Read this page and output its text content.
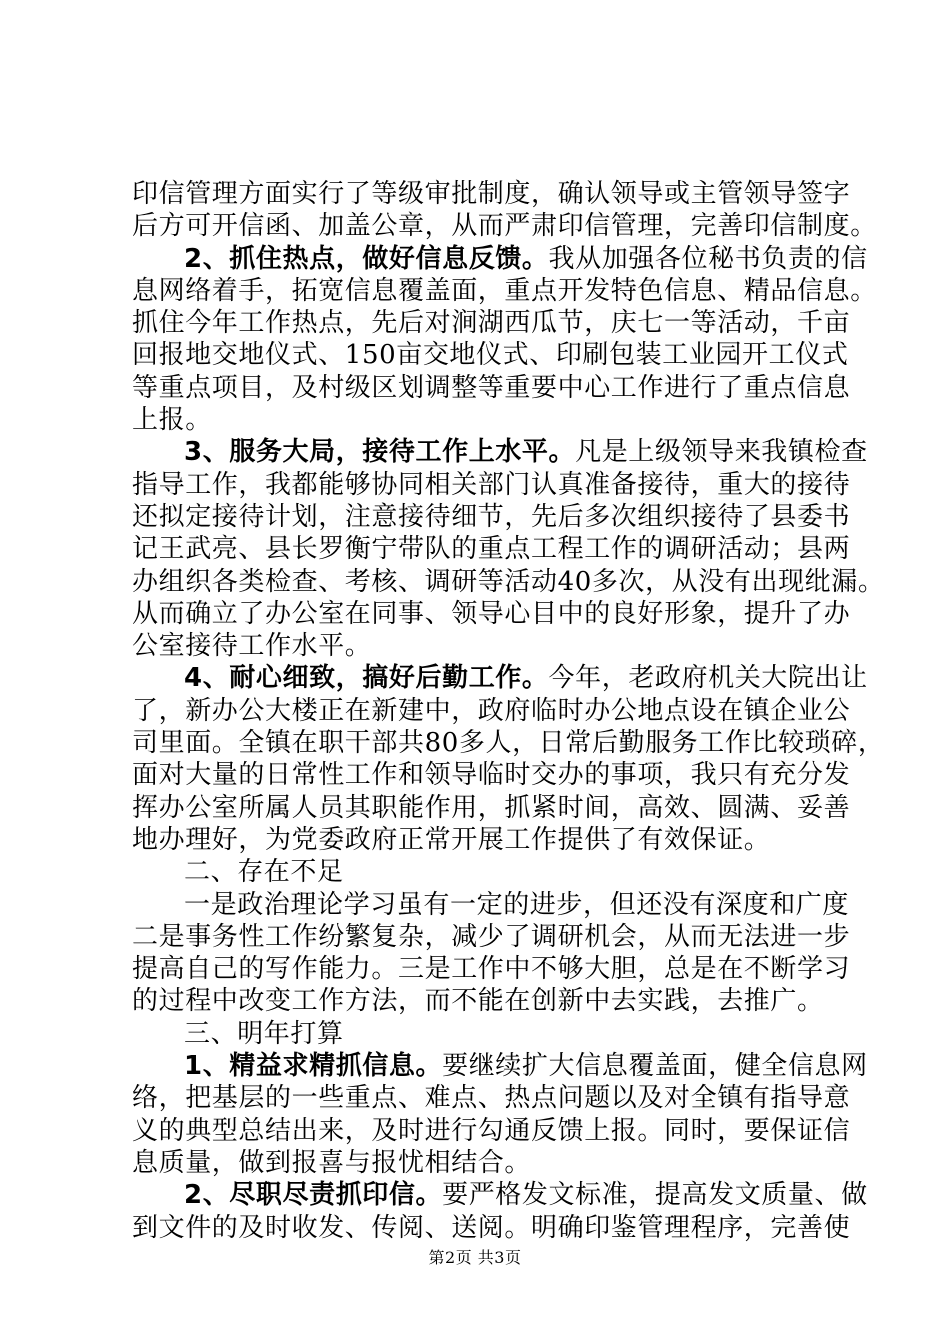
印信管理方面实行了等级审批制度，确认领导或主管领导签字
后方可开信函、加盖公章，从而严肃印信管理，完善印信制度。
2、抓住热点，做好信息反馈。我从加强各位秘书负责的信
息网络着手，拓宽信息覆盖面，重点开发特色信息、精品信息。
抓住今年工作热点，先后对涧湖西瓜节，庆七一等活动，千亩
回报地交地仪式、150亩交地仪式、印刷包装工业园开工仪式
等重点项目，及村级区划调整等重要中心工作进行了重点信息
上报。
3、服务大局，接待工作上水平。凡是上级领导来我镇检查
指导工作，我都能够协同相关部门认真准备接待，重大的接待
还拟定接待计划，注意接待细节，先后多次组织接待了县委书
记王武亮、县长罗衡宁带队的重点工程工作的调研活动；县两
办组织各类检查、考核、调研等活动40多次，从没有出现纰漏。
从而确立了办公室在同事、领导心目中的良好形象，提升了办
公室接待工作水平。
4、耐心细致，搞好后勤工作。今年，老政府机关大院出让
了，新办公大楼正在新建中，政府临时办公地点设在镇企业公
司里面。全镇在职干部共80多人，日常后勤服务工作比较琐碎，
面对大量的日常性工作和领导临时交办的事项，我只有充分发
挥办公室所属人员其职能作用，抓紧时间，高效、圆满、妥善
地办理好，为党委政府正常开展工作提供了有效保证。
二、存在不足
一是政治理论学习虽有一定的进步，但还没有深度和广度
二是事务性工作纷繁复杂，减少了调研机会，从而无法进一步
提高自己的写作能力。三是工作中不够大胆，总是在不断学习
的过程中改变工作方法，而不能在创新中去实践，去推广。
三、明年打算
1、精益求精抓信息。要继续扩大信息覆盖面，健全信息网
络，把基层的一些重点、难点、热点问题以及对全镇有指导意
义的典型总结出来，及时进行勾通反馈上报。同时，要保证信
息质量，做到报喜与报忧相结合。
2、尽职尽责抓印信。要严格发文标准，提高发文质量、做
到文件的及时收发、传阅、送阅。明确印鉴管理程序，完善使
第2页 共3页
